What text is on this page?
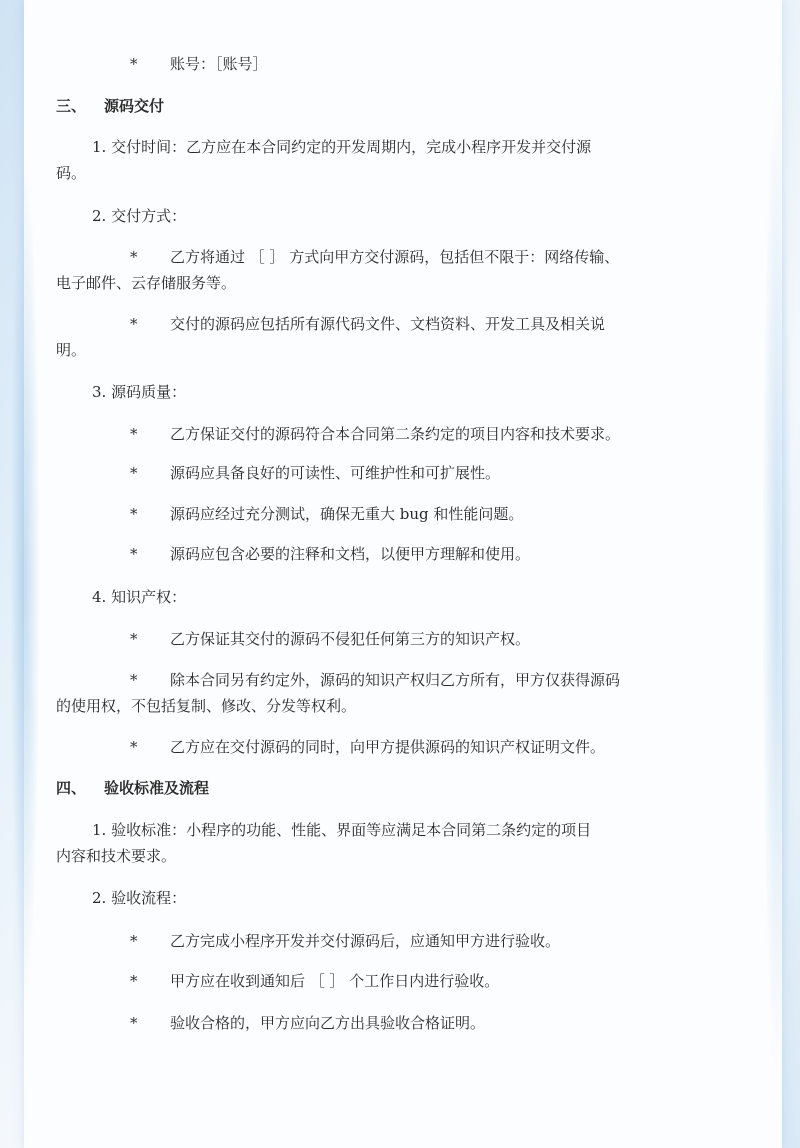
* 账号：［账号］
三、 源码交付
1. 交付时间：乙方应在本合同约定的开发周期内，完成小程序开发并交付源
码。
2. 交付方式：
* 乙方将通过 ［ ］ 方式向甲方交付源码，包括但不限于：网络传输、
电子邮件、云存储服务等。
* 交付的源码应包括所有源代码文件、文档资料、开发工具及相关说
明。
3. 源码质量：
* 乙方保证交付的源码符合本合同第二条约定的项目内容和技术要求。
* 源码应具备良好的可读性、可维护性和可扩展性。
* 源码应经过充分测试，确保无重大 bug 和性能问题。
* 源码应包含必要的注释和文档，以便甲方理解和使用。
4. 知识产权：
* 乙方保证其交付的源码不侵犯任何第三方的知识产权。
* 除本合同另有约定外，源码的知识产权归乙方所有，甲方仅获得源码
的使用权，不包括复制、修改、分发等权利。
* 乙方应在交付源码的同时，向甲方提供源码的知识产权证明文件。
四、 验收标准及流程
1. 验收标准：小程序的功能、性能、界面等应满足本合同第二条约定的项目
内容和技术要求。
2. 验收流程：
* 乙方完成小程序开发并交付源码后，应通知甲方进行验收。
* 甲方应在收到通知后 ［ ］ 个工作日内进行验收。
* 验收合格的，甲方应向乙方出具验收合格证明。
